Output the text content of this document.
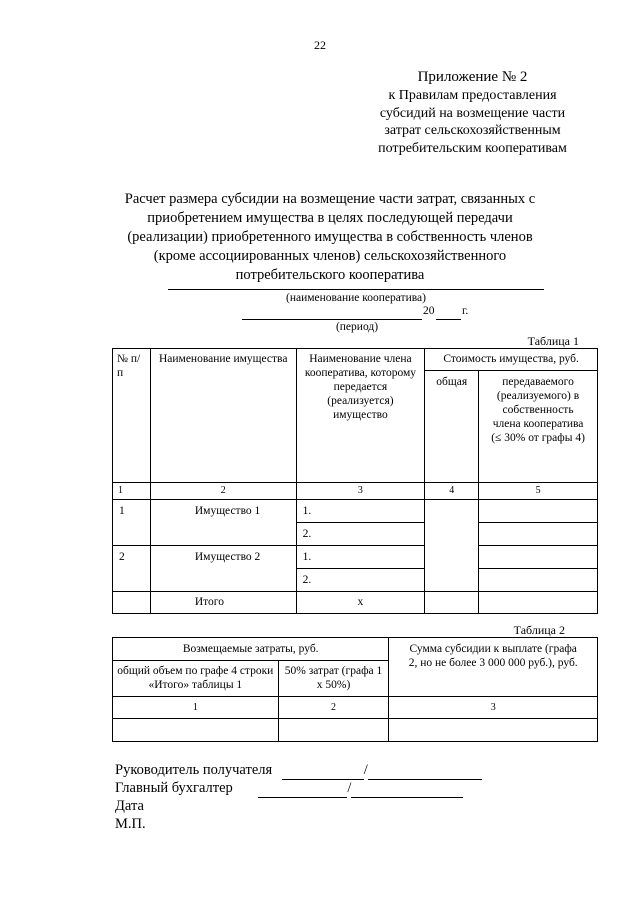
22
Приложение № 2
к Правилам предоставления
субсидий на возмещение части
затрат сельскохозяйственным
потребительским кооперативам
Расчет размера субсидии на возмещение части затрат, связанных с
приобретением имущества в целях последующей передачи
(реализации) приобретенного имущества в собственность членов
(кроме ассоциированных членов) сельскохозяйственного
потребительского кооператива
(наименование кооператива)
20 г.
(период)
Таблица 1
№ п/п	Наименование имущества	Наименование члена кооператива, которому передается (реализуется) имущество	Стоимость имущества, руб.	
			общая	передаваемого (реализуемого) в собственность члена кооператива (≤ 30% от графы 4)
1	2	3	4	5
1	Имущество 1	1.		
		2.		
2	Имущество 2	1.		
		2.		
	Итого	х		
Таблица 2
Возмещаемые затраты, руб.		Сумма субсидии к выплате (графа 2, но не более 3 000 000 руб.), руб.
общий объем по графе 4 строки «Итого» таблицы 1	50% затрат (графа 1 х 50%)	
1	2	3

Руководитель получателя	/
Главный бухгалтер	/
Дата
М.П.
